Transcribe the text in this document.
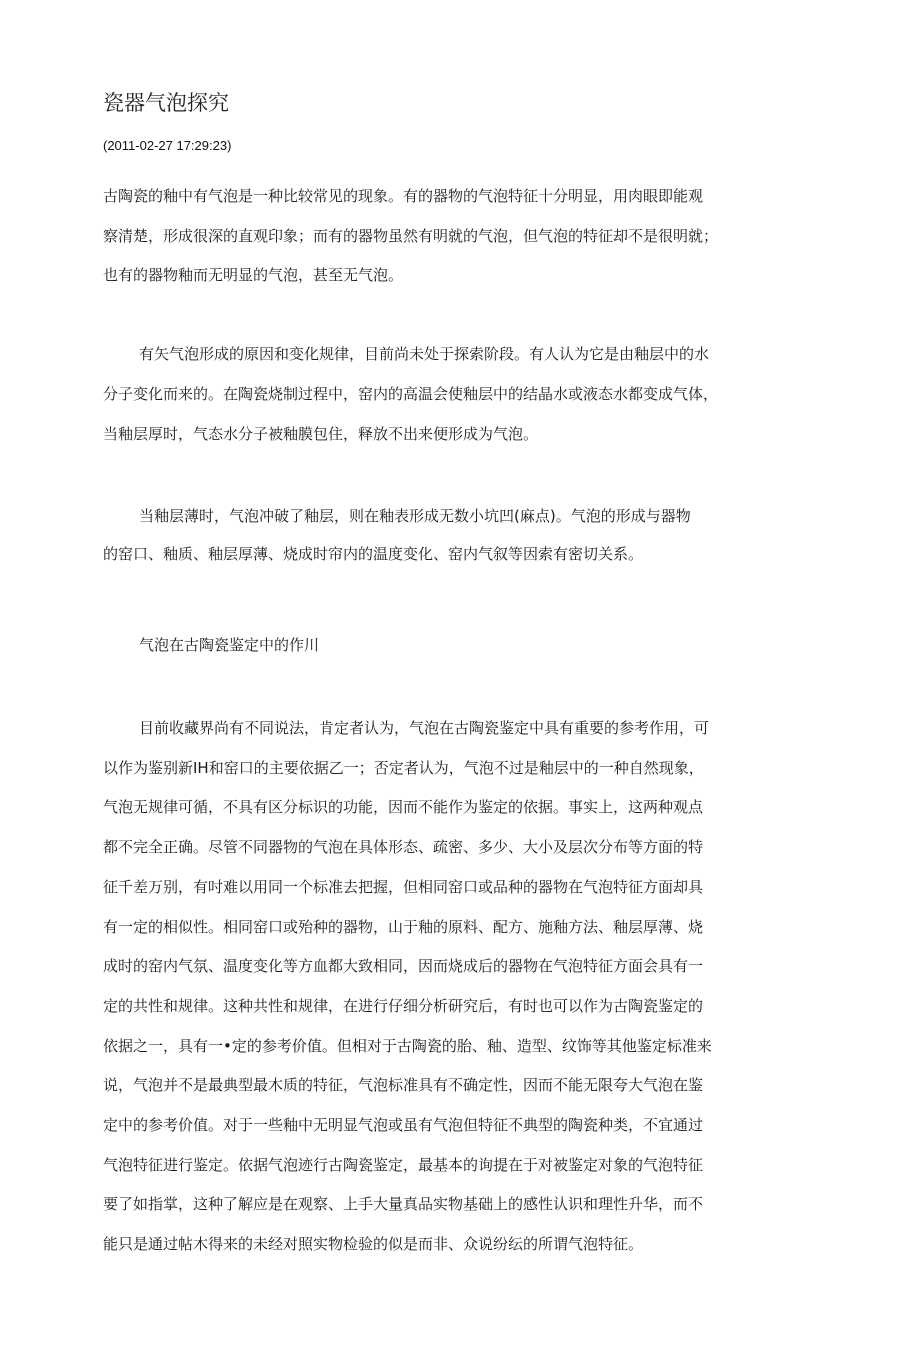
瓷器气泡探究
(2011-02-27 17:29:23)
古陶瓷的釉中有气泡是一种比较常见的现象。有的器物的气泡特征十分明显，用肉眼即能观
察清楚，形成很深的直观印象；而有的器物虽然有明就的气泡，但气泡的特征却不是很明就；
也有的器物釉而无明显的气泡，甚至无气泡。
有矢气泡形成的原因和变化规律，目前尚未处于探索阶段。有人认为它是由釉层中的水
分子变化而来的。在陶瓷烧制过程中，窑内的高温会使釉层中的结晶水或液态水都变成气体，
当釉层厚时，气态水分子被釉膜包住，释放不出来便形成为气泡。
当釉层薄时，气泡冲破了釉层，则在釉表形成无数小坑凹(麻点)。气泡的形成与器物
的窑口、釉质、釉层厚薄、烧成时帘内的温度变化、窑内气叙等因索有密切关系。
气泡在古陶瓷鉴定中的作川
目前收藏界尚有不同说法，肯定者认为，气泡在古陶瓷鉴定中具有重要的参考作用，可
以作为鉴别新IH和窑口的主要依据乙一；否定者认为，气泡不过是釉层中的一种自然现象，
气泡无规律可循，不具有区分标识的功能，因而不能作为鉴定的依据。事实上，这两种观点
都不完全正确。尽管不同器物的气泡在具体形态、疏密、多少、大小及层次分布等方面的特
征千差万别，有吋难以用同一个标准去把握，但相同窑口或品种的器物在气泡特征方面却具
有一定的相似性。相同窑口或殆种的器物，山于釉的原料、配方、施釉方法、釉层厚薄、烧
成时的窑内气氛、温度变化等方血都大致相同，因而烧成后的器物在气泡特征方面会具有一
定的共性和规律。这种共性和规律，在进行仔细分析研究后，有时也可以作为古陶瓷鉴定的
依据之一，具有一•定的参考价值。但相对于古陶瓷的胎、釉、造型、纹饰等其他鉴定标准来
说，气泡并不是最典型最木质的特征，气泡标准具有不确定性，因而不能无限夸大气泡在鉴
定中的参考价值。对于一些釉中无明显气泡或虽有气泡但特征不典型的陶瓷种类，不宜通过
气泡特征进行鉴定。依据气泡迹行古陶瓷鉴定，最基本的询提在于对被鉴定对象的气泡特征
要了如指掌，这种了解应是在观察、上手大量真品实物基础上的感性认识和理性升华，而不
能只是通过帖木得来的未经对照实物检验的似是而非、众说纷纭的所谓气泡特征。
